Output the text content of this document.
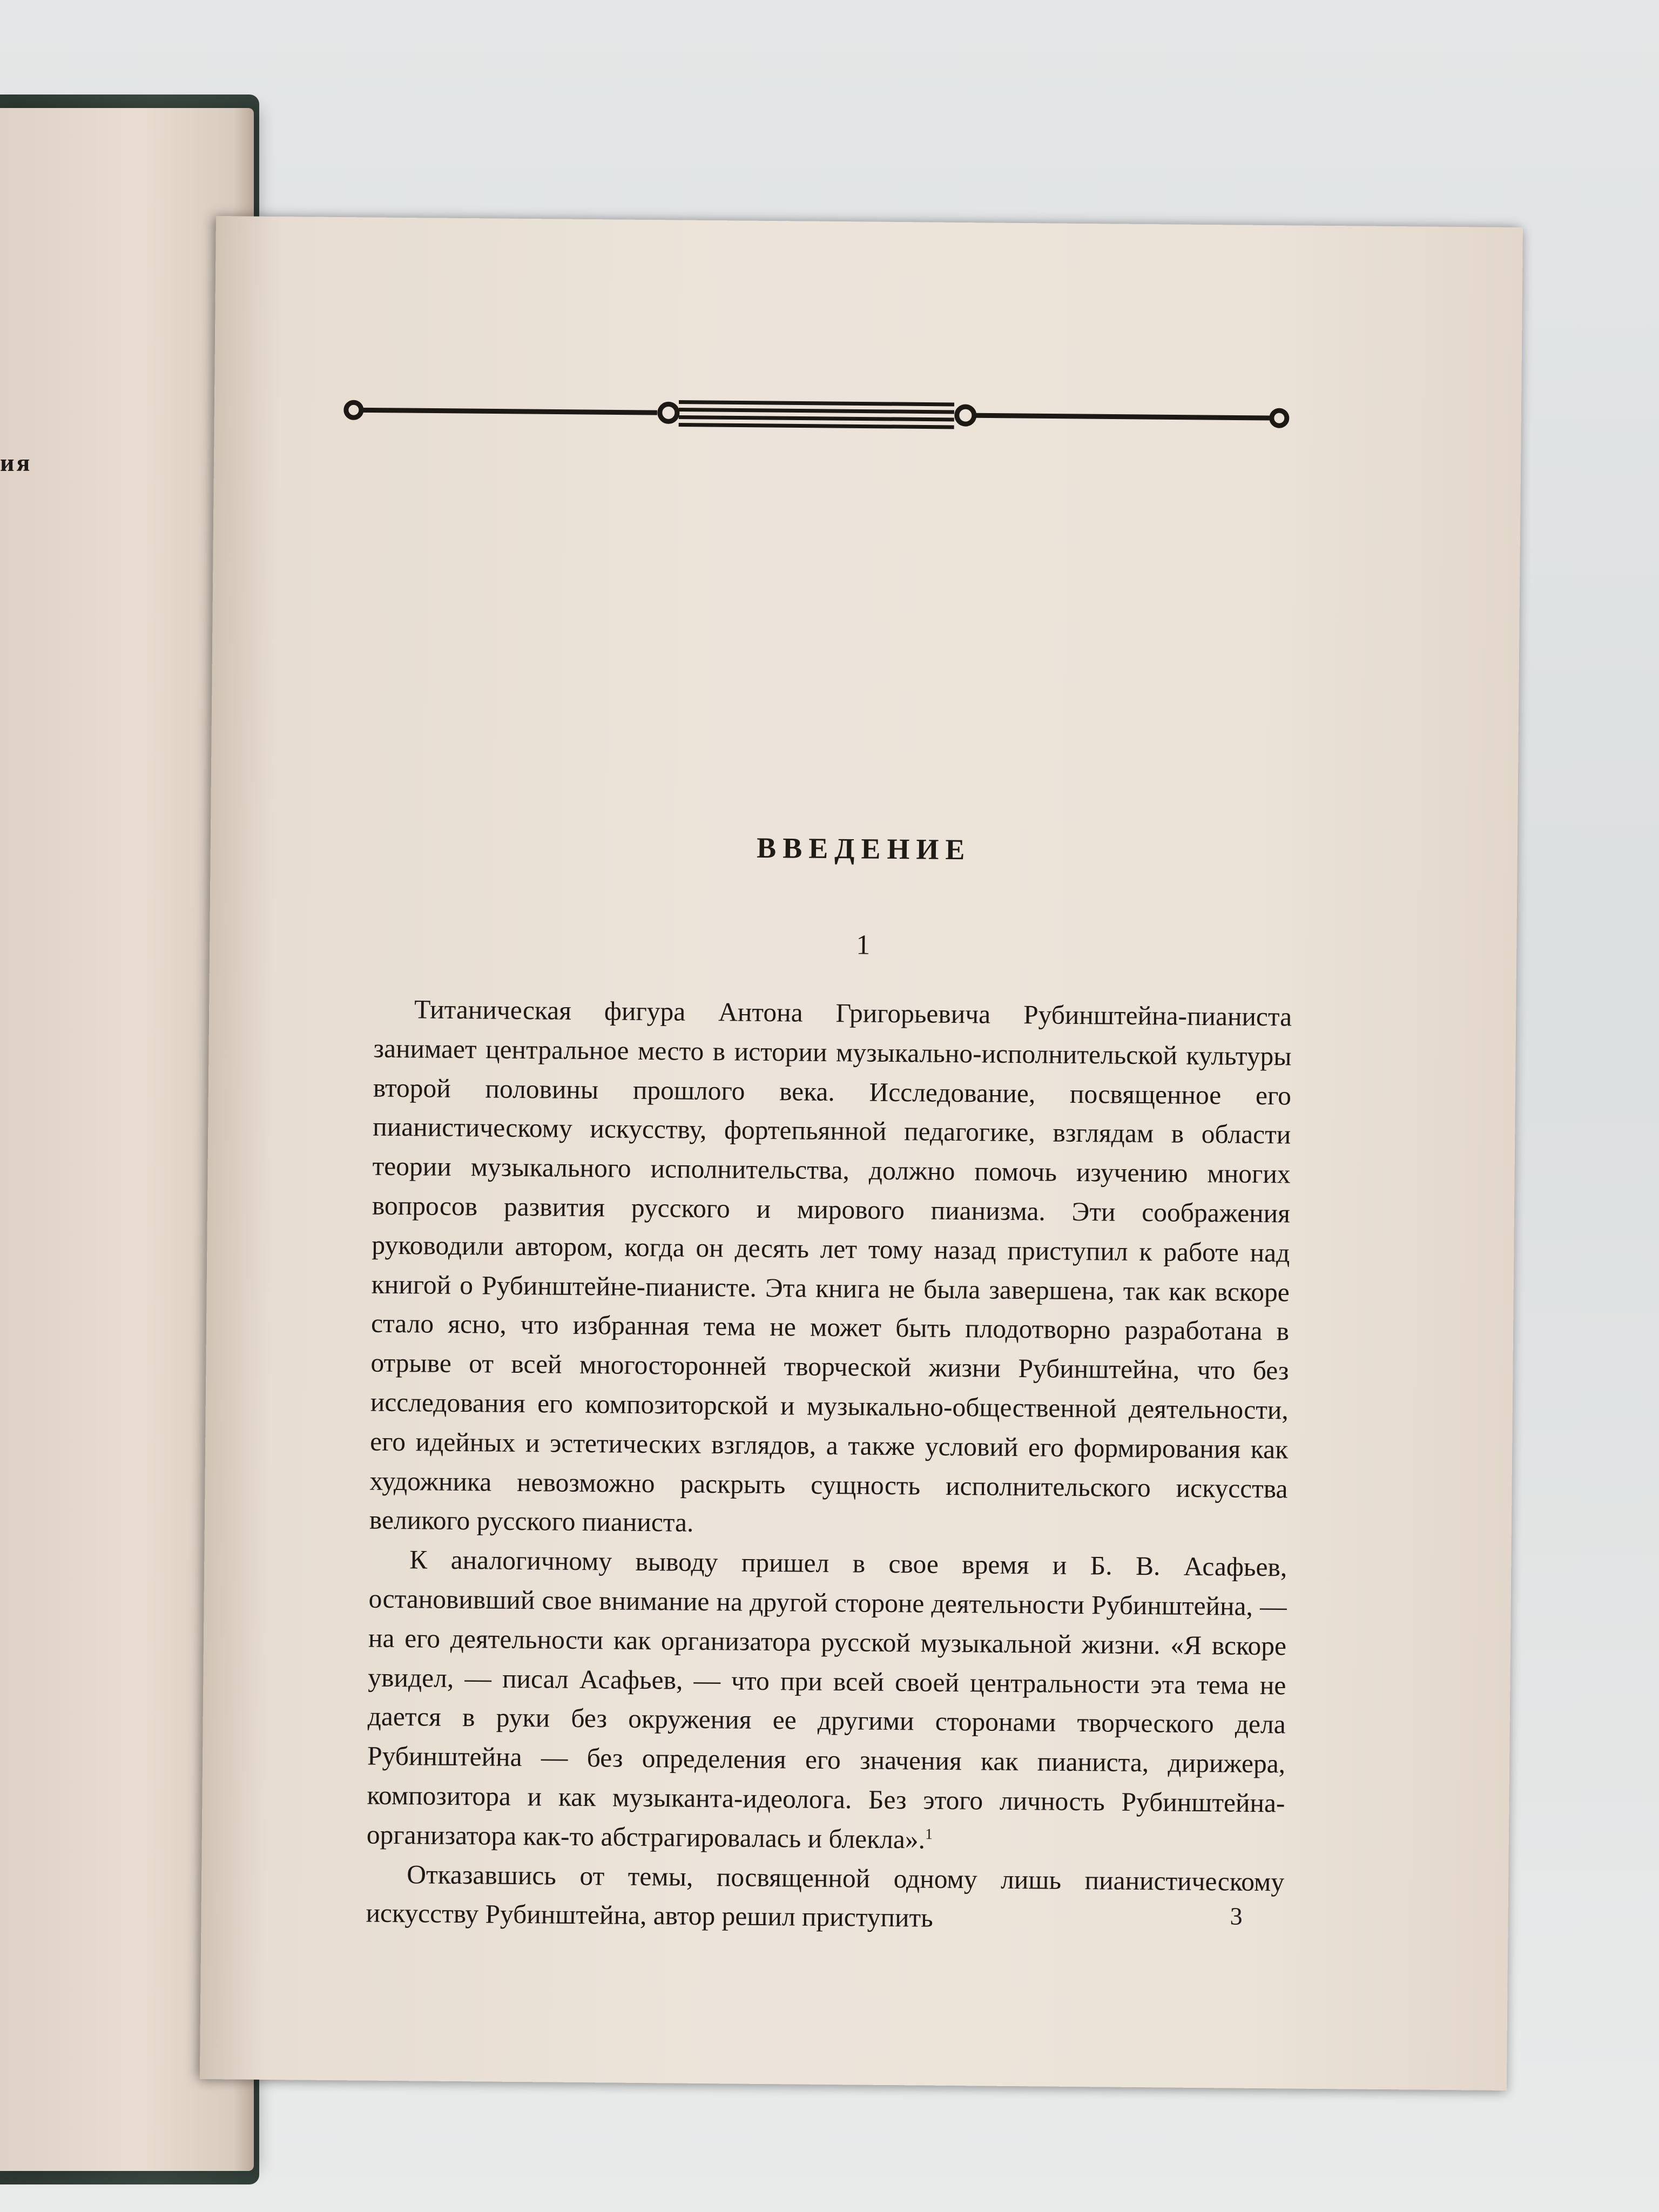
ия
ВВЕДЕНИЕ
1

Титаническая фигура Антона Григорьевича Рубинштейна-пианиста занимает центральное место в истории музыкально-исполнительской культуры второй половины прошлого века. Исследование, посвященное его пианистическому искусству, фортепьянной педагогике, взглядам в области теории музыкального исполнительства, должно помочь изучению многих вопросов развития русского и мирового пианизма. Эти соображения руководили автором, когда он десять лет тому назад приступил к работе над книгой о Рубинштейне-пианисте. Эта книга не была завершена, так как вскоре стало ясно, что избранная тема не может быть плодотворно разработана в отрыве от всей многосторонней творческой жизни Рубинштейна, что без исследования его композиторской и музыкально-общественной деятельности, его идейных и эстетических взглядов, а также условий его формирования как художника невозможно раскрыть сущность исполнительского искусства великого русского пианиста.

К аналогичному выводу пришел в свое время и Б. В. Асафьев, остановивший свое внимание на другой стороне деятельности Рубинштейна, — на его деятельности как организатора русской музыкальной жизни. «Я вскоре увидел, — писал Асафьев, — что при всей своей центральности эта тема не дается в руки без окружения ее другими сторонами творческого дела Рубинштейна — без определения его значения как пианиста, дирижера, композитора и как музыканта-идеолога. Без этого личность Рубинштейна-организатора как-то абстрагировалась и блекла».$^1$

Отказавшись от темы, посвященной одному лишь пианистическому искусству Рубинштейна, автор решил приступить	3
